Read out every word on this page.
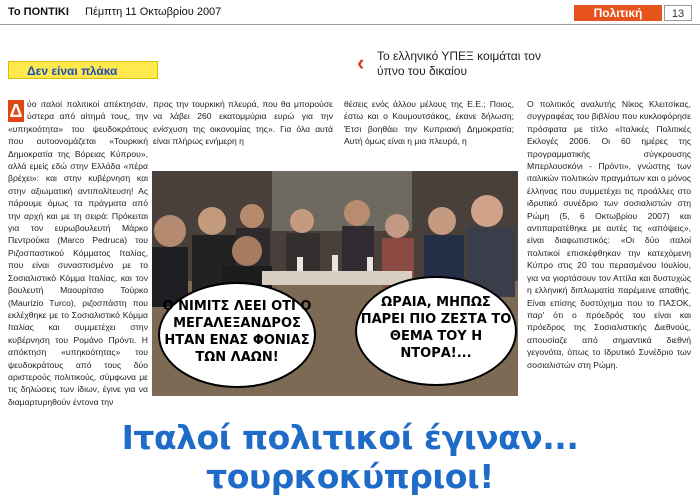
Το ΠΟΝΤΙΚΙ Πέμπτη 11 Οκτωβρίου 2007	Πολιτική	13
Δεν είναι πλάκα	‹	Το ελληνικό ΥΠΕΞ κοιμάται τον ύπνο του δικαίου
Δ ύο ιταλοί πολιτικοί απέκτησαν, ύστερα από αίτημά τους, την «υπηκοότητα» του ψευδοκράτους που αυτοονομάζεται «Τουρκική Δημοκρατία της Βόρειας Κύπρου», αλλά εμείς εδώ στην Ελλάδα «πέρα βρέχει»: και στην κυβέρνηση και στην αξιωματική αντιπολίτευση! Ας πάρουμε όμως τα πράγματα από την αρχή και με τη σειρά: Πρόκειται για τον ευρωβουλευτή Μάρκο Πεντρούκα (Marco Pedruca) του Ριζοσπαστικού Κόμματος Ιταλίας, που είναι συνασπισμένο με το Σοσιαλιστικό Κόμμα Ιταλίας, και τον βουλευτή Μαουρίτσιο Τούρκο (Maurizio Turco), ριζοσπάστη που εκλέχθηκε με το Σοσιαλιστικό Κόμμα Ιταλίας και συμμετέχει στην κυβέρνηση του Ρομάνο Πρόντι. Η απόκτηση «υπηκοότητας» του ψευδοκράτους από τους δύο αριστερούς πολιτικούς, σύμφωνα με τις δηλώσεις των ίδιων, έγινε για να διαμαρτυρηθούν έντονα την

προς την τουρκική πλευρά, που θα μπορούσε να λάβει 260 εκατομμύρια ευρώ για την ενίσχυση της οικονομίας της». Για όλα αυτά είναι πλήρως ενήμερη η
θέσεις ενός άλλου μέλους της Ε.Ε.; Ποιος, έστω και ο Κουμουτσάκος, έκανε δήλωση; Έτσι βοηθάει την Κυπριακή Δημοκρατία; Αυτή όμως είναι η μια πλευρά, η
Ο πολιτικός αναλυτής Νίκος Κλειτσίκας, συγγραφέας του βιβλίου που κυκλοφόρησε πρόσφατα με τίτλο «Ιταλικές Πολιτικές Εκλογές 2006. Οι 60 ημέρες της προγραμματικής σύγκρουσης Μπερλουσκόνι - Πρόντι», γνώστης των ιταλικών πολιτικών πραγμάτων και ο μόνος έλληνας που συμμετέχει τις προάλλες στο ιδρυτικό συνέδριο των σοσιαλιστών στη Ρώμη (5, 6 Οκτωβρίου 2007) και αντιπαρατέθηκε με αυτές τις «απόψεις», είναι διαφωτιστικός: «Οι δύο ιταλοί πολιτικοί επισκέφθηκαν την κατεχόμενη Κύπρο στις 20 του περασμένου Ιουλίου, για να γιορτάσουν τον Αττίλα και δυστυχώς η ελληνική διπλωματία παρέμεινε απαθής. Είναι επίσης δυστύχημα που το ΠΑΣΟΚ, παρ' ότι ο πρόεδρός του είναι και πρόεδρος της Σοσιαλιστικής Διεθνούς, απουσίαζε από σημαντικά διεθνή γεγονότα, όπως το Ιδρυτικό Συνέδριο των σοσιαλιστών στη Ρώμη.
Ο ΝΙΜΙΤΣ ΛΕΕΙ ΟΤΙ Ο ΜΕΓΑΛΕΞΑΝΔΡΟΣ ΗΤΑΝ ΕΝΑΣ ΦΟΝΙΑΣ ΤΩΝ ΛΑΩΝ!
ΩΡΑΙΑ, ΜΗΠΩΣ ΠΑΡΕΙ ΠΙΟ ΖΕΣΤΑ ΤΟ ΘΕΜΑ ΤΟΥ Η ΝΤΟΡΑ!...
Ιταλοί πολιτικοί έγιναν... τουρκοκύπριοι!
